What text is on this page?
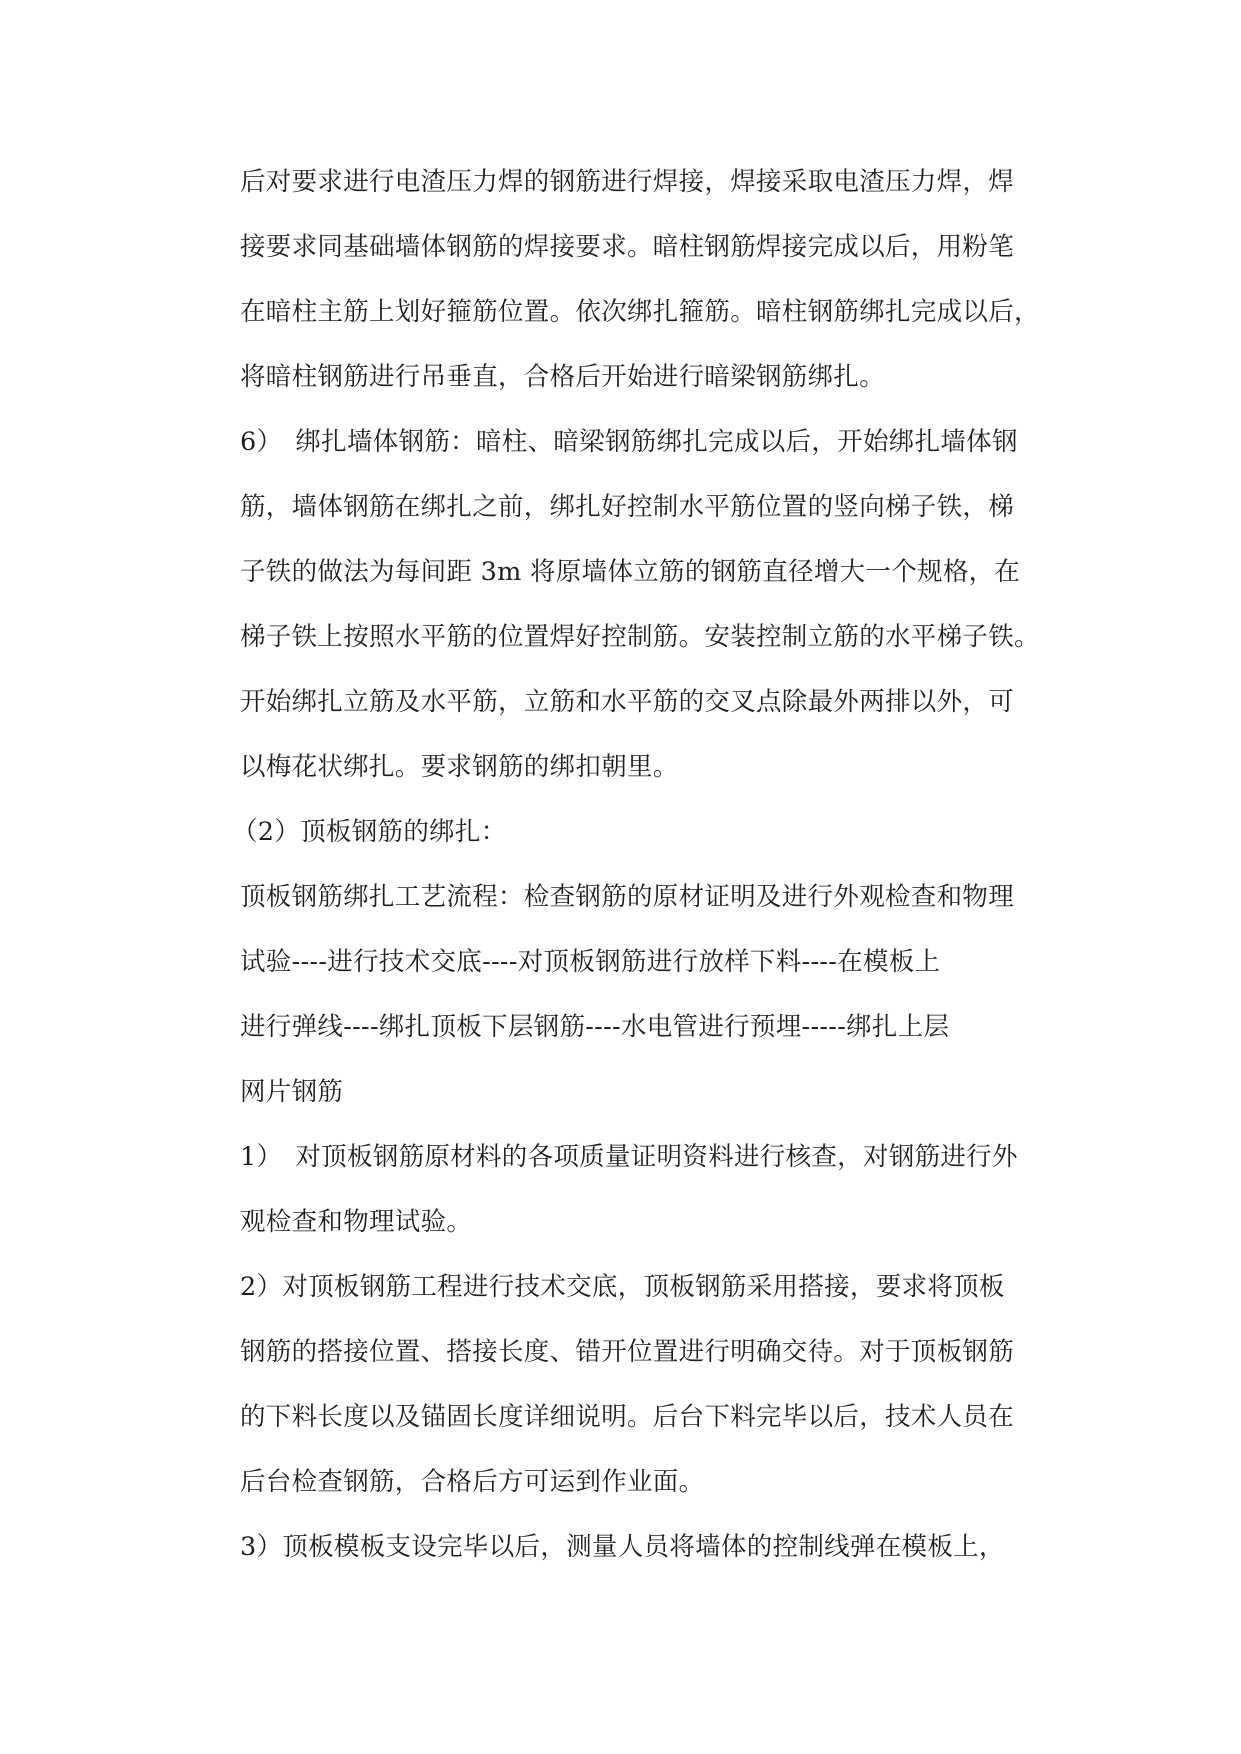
后对要求进行电渣压力焊的钢筋进行焊接，焊接采取电渣压力焊，焊
接要求同基础墙体钢筋的焊接要求。暗柱钢筋焊接完成以后，用粉笔
在暗柱主筋上划好箍筋位置。依次绑扎箍筋。暗柱钢筋绑扎完成以后，
将暗柱钢筋进行吊垂直，合格后开始进行暗梁钢筋绑扎。
6）　绑扎墙体钢筋：暗柱、暗梁钢筋绑扎完成以后，开始绑扎墙体钢
筋，墙体钢筋在绑扎之前，绑扎好控制水平筋位置的竖向梯子铁，梯
子铁的做法为每间距 3m 将原墙体立筋的钢筋直径增大一个规格，在
梯子铁上按照水平筋的位置焊好控制筋。安装控制立筋的水平梯子铁。
开始绑扎立筋及水平筋，立筋和水平筋的交叉点除最外两排以外，可
以梅花状绑扎。要求钢筋的绑扣朝里。
（2）顶板钢筋的绑扎：
顶板钢筋绑扎工艺流程：检查钢筋的原材证明及进行外观检查和物理
试验----进行技术交底----对顶板钢筋进行放样下料----在模板上
进行弹线----绑扎顶板下层钢筋----水电管进行预埋-----绑扎上层
网片钢筋
1）　对顶板钢筋原材料的各项质量证明资料进行核查，对钢筋进行外
观检查和物理试验。
2）对顶板钢筋工程进行技术交底，顶板钢筋采用搭接，要求将顶板
钢筋的搭接位置、搭接长度、错开位置进行明确交待。对于顶板钢筋
的下料长度以及锚固长度详细说明。后台下料完毕以后，技术人员在
后台检查钢筋，合格后方可运到作业面。
3）顶板模板支设完毕以后，测量人员将墙体的控制线弹在模板上，
